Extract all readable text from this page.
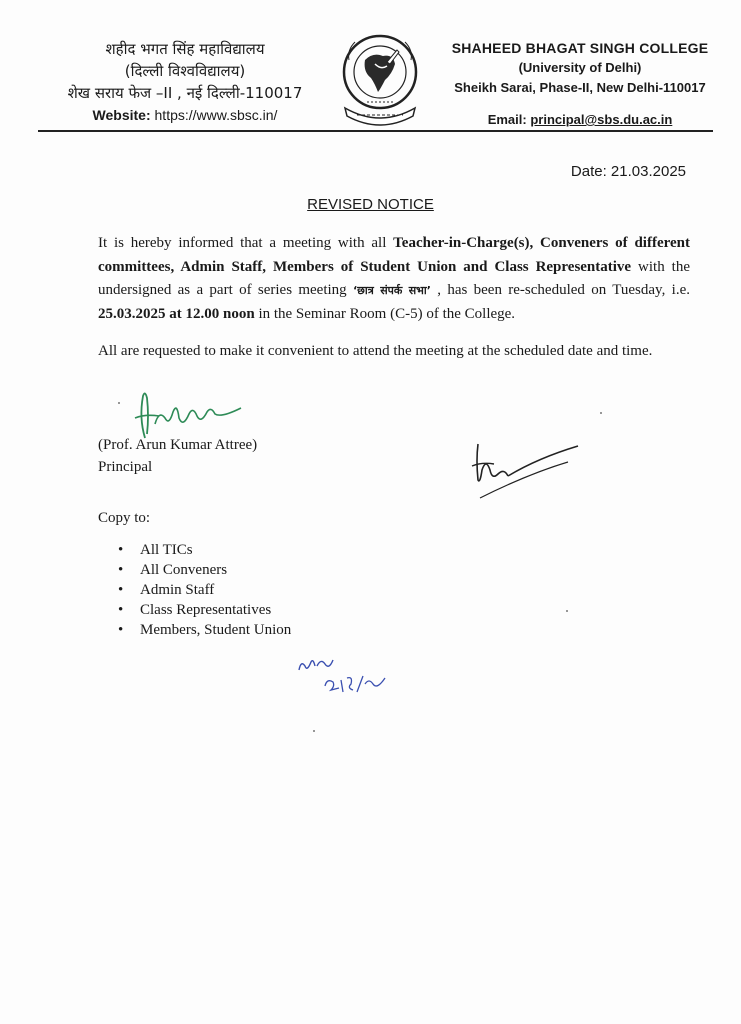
शहीद भगत सिंह महाविद्यालय
(दिल्ली विश्वविद्यालय)
शेख सराय फेज –II , नई दिल्ली-110017
Website: https://www.sbsc.in/
SHAHEED BHAGAT SINGH COLLEGE
(University of Delhi)
Sheikh Sarai, Phase-II, New Delhi-110017
Email: principal@sbs.du.ac.in
Date: 21.03.2025
REVISED NOTICE
It is hereby informed that a meeting with all Teacher-in-Charge(s), Conveners of different committees, Admin Staff, Members of Student Union and Class Representative with the undersigned as a part of series meeting ‘छात्र संपर्क सभा’ , has been re-scheduled on Tuesday, i.e. 25.03.2025 at 12.00 noon in the Seminar Room (C-5) of the College.
All are requested to make it convenient to attend the meeting at the scheduled date and time.
(Prof. Arun Kumar Attree)
Principal
Copy to:
• All TICs
• All Conveners
• Admin Staff
• Class Representatives
• Members, Student Union
